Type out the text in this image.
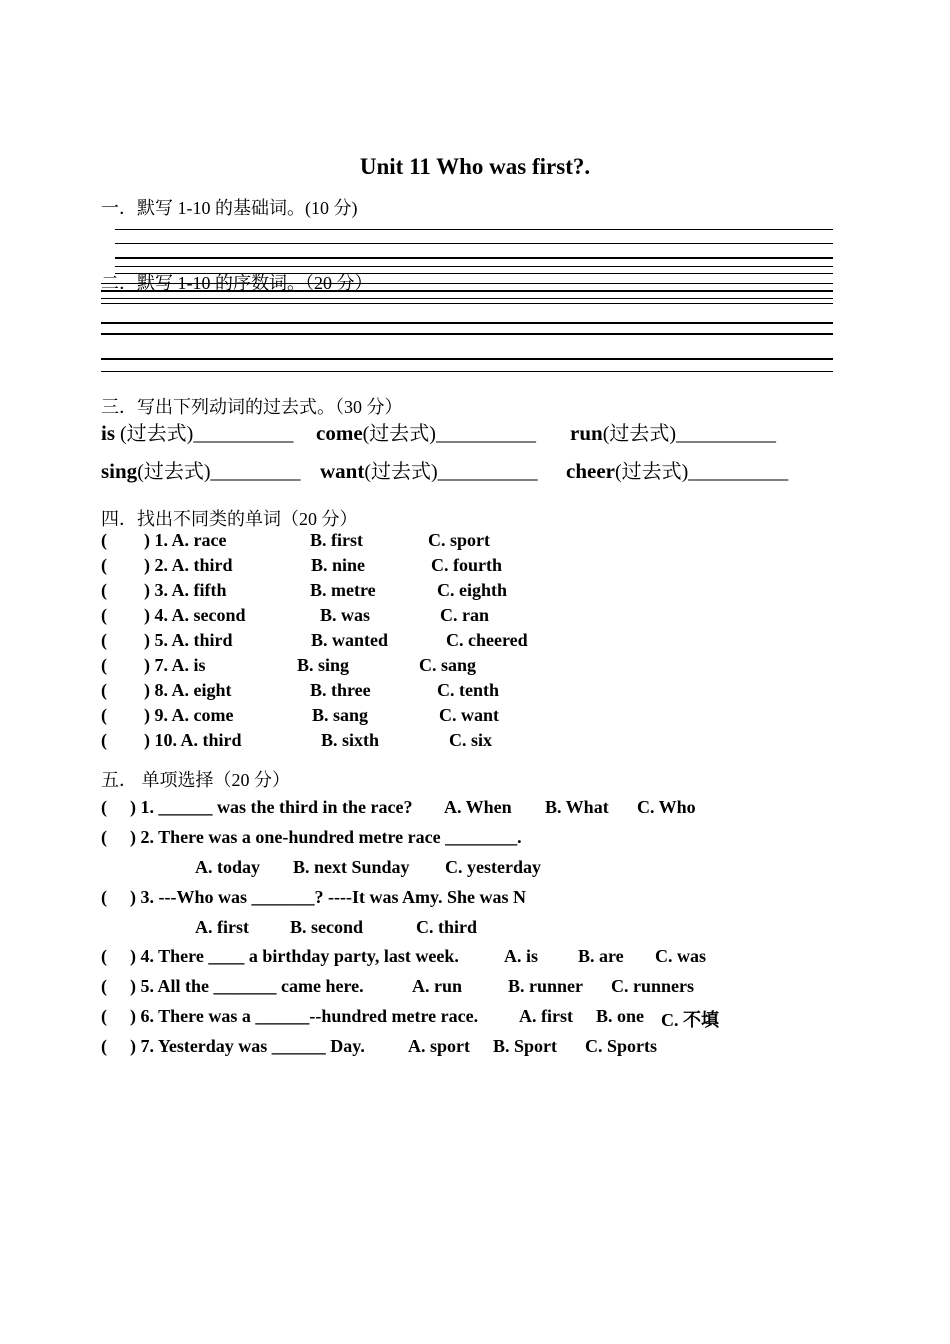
Unit 11 Who was first?.
一．默写 1-10 的基础词。(10 分)
二．默写 1-10 的序数词。（20 分）
三．写出下列动词的过去式。（30 分）
is (过去式)__________ come(过去式)__________ run(过去式)__________
sing(过去式)_________ want(过去式)__________ cheer(过去式)__________
四．找出不同类的单词（20 分）
( ) 1. A. race	B. first	C. sport
( ) 2. A. third	B. nine	C. fourth
( ) 3. A. fifth	B. metre	C. eighth
( ) 4. A. second	B. was	C. ran
( ) 5. A. third	B. wanted	C. cheered
( ) 7. A. is	B. sing	C. sang
( ) 8. A. eight	B. three	C. tenth
( ) 9. A. come	B. sang	C. want
( ) 10. A. third	B. sixth	C. six
五． 单项选择（20 分）
( ) 1. ______ was the third in the race? A. When B. What C. Who
( ) 2. There was a one-hundred metre race ________.
A. today B. next Sunday C. yesterday
( ) 3. ---Who was _______? ----It was Amy. She was N
A. first B. second	C. third
( ) 4. There ____ a birthday party, last week.	A. is B. are C. was
( ) 5. All the _______ came here.	A. run	B. runner C. runners
( ) 6. There was a ______--hundred metre race. A. first B. one C. 不填
( ) 7. Yesterday was ______ Day. A. sport B. Sport C. Sports
